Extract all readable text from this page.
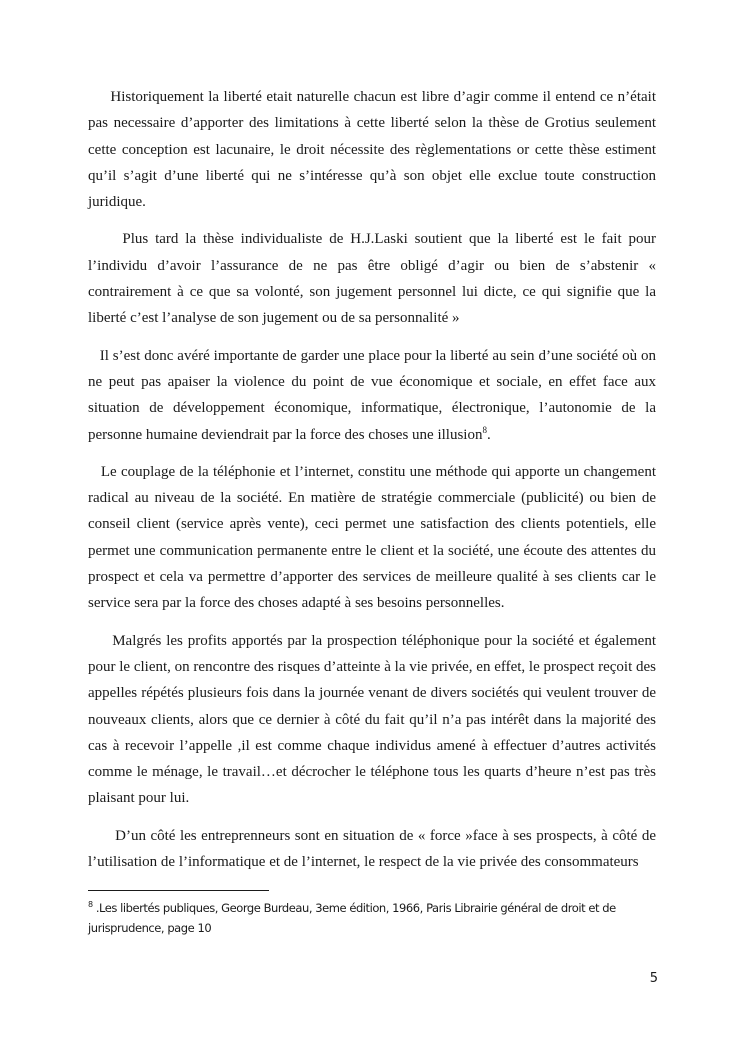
Historiquement la liberté etait naturelle chacun est libre d’agir comme il entend ce n’était pas necessaire d’apporter des limitations à cette liberté selon la thèse de Grotius seulement cette conception est lacunaire, le droit nécessite des règlementations or cette thèse estiment qu’il s’agit d’une liberté qui ne s’intéresse qu’à son objet elle exclue toute construction juridique.

Plus tard la thèse individualiste de H.J.Laski soutient que la liberté est le fait pour l’individu d’avoir l’assurance de ne pas être obligé d’agir ou bien de s’abstenir « contrairement à ce que sa volonté, son jugement personnel lui dicte, ce qui signifie que la liberté c’est l’analyse de son jugement ou de sa personnalité »

Il s’est donc avéré importante de garder une place pour la liberté au sein d’une société où on ne peut pas apaiser la violence du point de vue économique et sociale, en effet face aux situation de développement économique, informatique, électronique, l’autonomie de la personne humaine deviendrait par la force des choses une illusion$^8$.

Le couplage de la téléphonie et l’internet, constitu une méthode qui apporte un changement radical au niveau de la société. En matière de stratégie commerciale (publicité) ou bien de conseil client (service après vente), ceci permet une satisfaction des clients potentiels, elle permet une communication permanente entre le client et la société, une écoute des attentes du prospect et cela va permettre d’apporter des services de meilleure qualité à ses clients car le service sera par la force des choses adapté à ses besoins personnelles.

Malgrés les profits apportés par la prospection téléphonique pour la société et également pour le client, on rencontre des risques d’atteinte à la vie privée, en effet, le prospect reçoit des appelles répétés plusieurs fois dans la journée venant de divers sociétés qui veulent trouver de nouveaux clients, alors que ce dernier à côté du fait qu’il n’a pas intérêt dans la majorité des cas à recevoir l’appelle ,il est comme chaque individus amené à effectuer d’autres activités comme le ménage, le travail…et décrocher le téléphone tous les quarts d’heure n’est pas très plaisant pour lui.

D’un côté les entreprenneurs sont en situation de « force »face à ses prospects, à côté de l’utilisation de l’informatique et de l’internet, le respect de la vie privée des consommateurs

$^8$ .Les libertés publiques, George Burdeau, 3eme édition, 1966, Paris Librairie général de droit et de jurisprudence, page 10
5
